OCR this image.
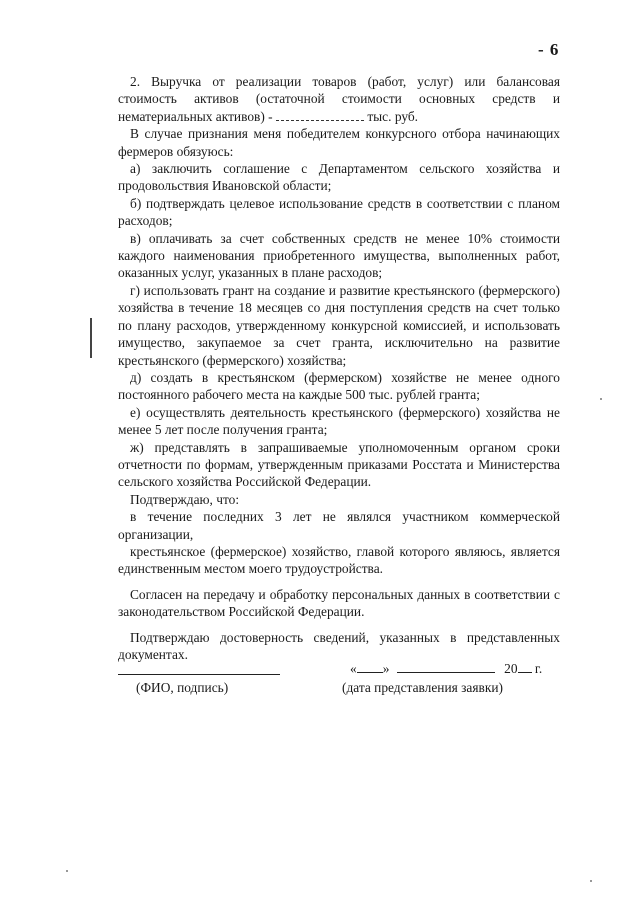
- 6

2. Выручка от реализации товаров (работ, услуг) или балансовая стоимость активов (остаточной стоимости основных средств и нематериальных активов) -	тыс. руб.

В случае признания меня победителем конкурсного отбора начинающих фермеров обязуюсь:

а) заключить соглашение с Департаментом сельского хозяйства и продовольствия Ивановской области;

б) подтверждать целевое использование средств в соответствии с планом расходов;

в) оплачивать за счет собственных средств не менее 10% стоимости каждого наименования приобретенного имущества, выполненных работ, оказанных услуг, указанных в плане расходов;

г) использовать грант на создание и развитие крестьянского (фермерского) хозяйства в течение 18 месяцев со дня поступления средств на счет только по плану расходов, утвержденному конкурсной комиссией, и использовать имущество, закупаемое за счет гранта, исключительно на развитие крестьянского (фермерского) хозяйства;

д) создать в крестьянском (фермерском) хозяйстве не менее одного постоянного рабочего места на каждые 500 тыс. рублей гранта;

е) осуществлять деятельность крестьянского (фермерского) хозяйства не менее 5 лет после получения гранта;

ж) представлять в запрашиваемые уполномоченным органом сроки отчетности по формам, утвержденным приказами Росстата и Министерства сельского хозяйства Российской Федерации.

Подтверждаю, что:

в течение последних 3 лет не являлся участником коммерческой организации,

крестьянское (фермерское) хозяйство, главой которого являюсь, является единственным местом моего трудоустройства.

Согласен на передачу и обработку персональных данных в соответствии с законодательством Российской Федерации.

Подтверждаю достоверность сведений, указанных в представленных документах.

(ФИО, подпись)
« »	20 г.
(дата представления заявки)
